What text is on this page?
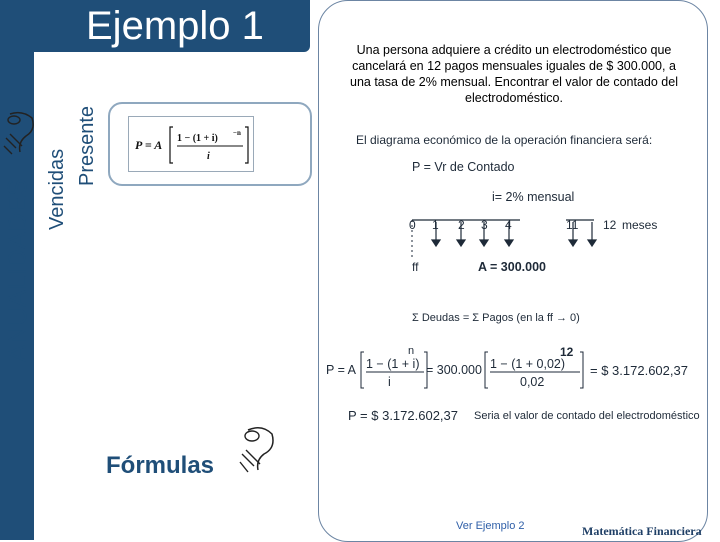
ANUALIDADES Vencidas
Presente
Ejemplo 1
P = A 1 − (1 + i) −n
i
Fórmulas
Una persona adquiere a crédito un electrodoméstico que cancelará en 12 pagos mensuales iguales de $ 300.000, a una tasa de 2% mensual. Encontrar el valor de contado del electrodoméstico.
El diagrama económico de la operación financiera será:
P = Vr de Contado
i= 2% mensual
0 1 2 3 4	11 12 meses
ff	A = 300.000
Σ Deudas = Σ Pagos (en la ff → 0)
P = A 1 − (1 + i)
n
i
= 300.000 1 − (1 + 0,02)
12
0,02
= $ 3.172.602,37
P = $ 3.172.602,37 Seria el valor de contado del electrodoméstico
Ver Ejemplo 2	Matemática Financiera
